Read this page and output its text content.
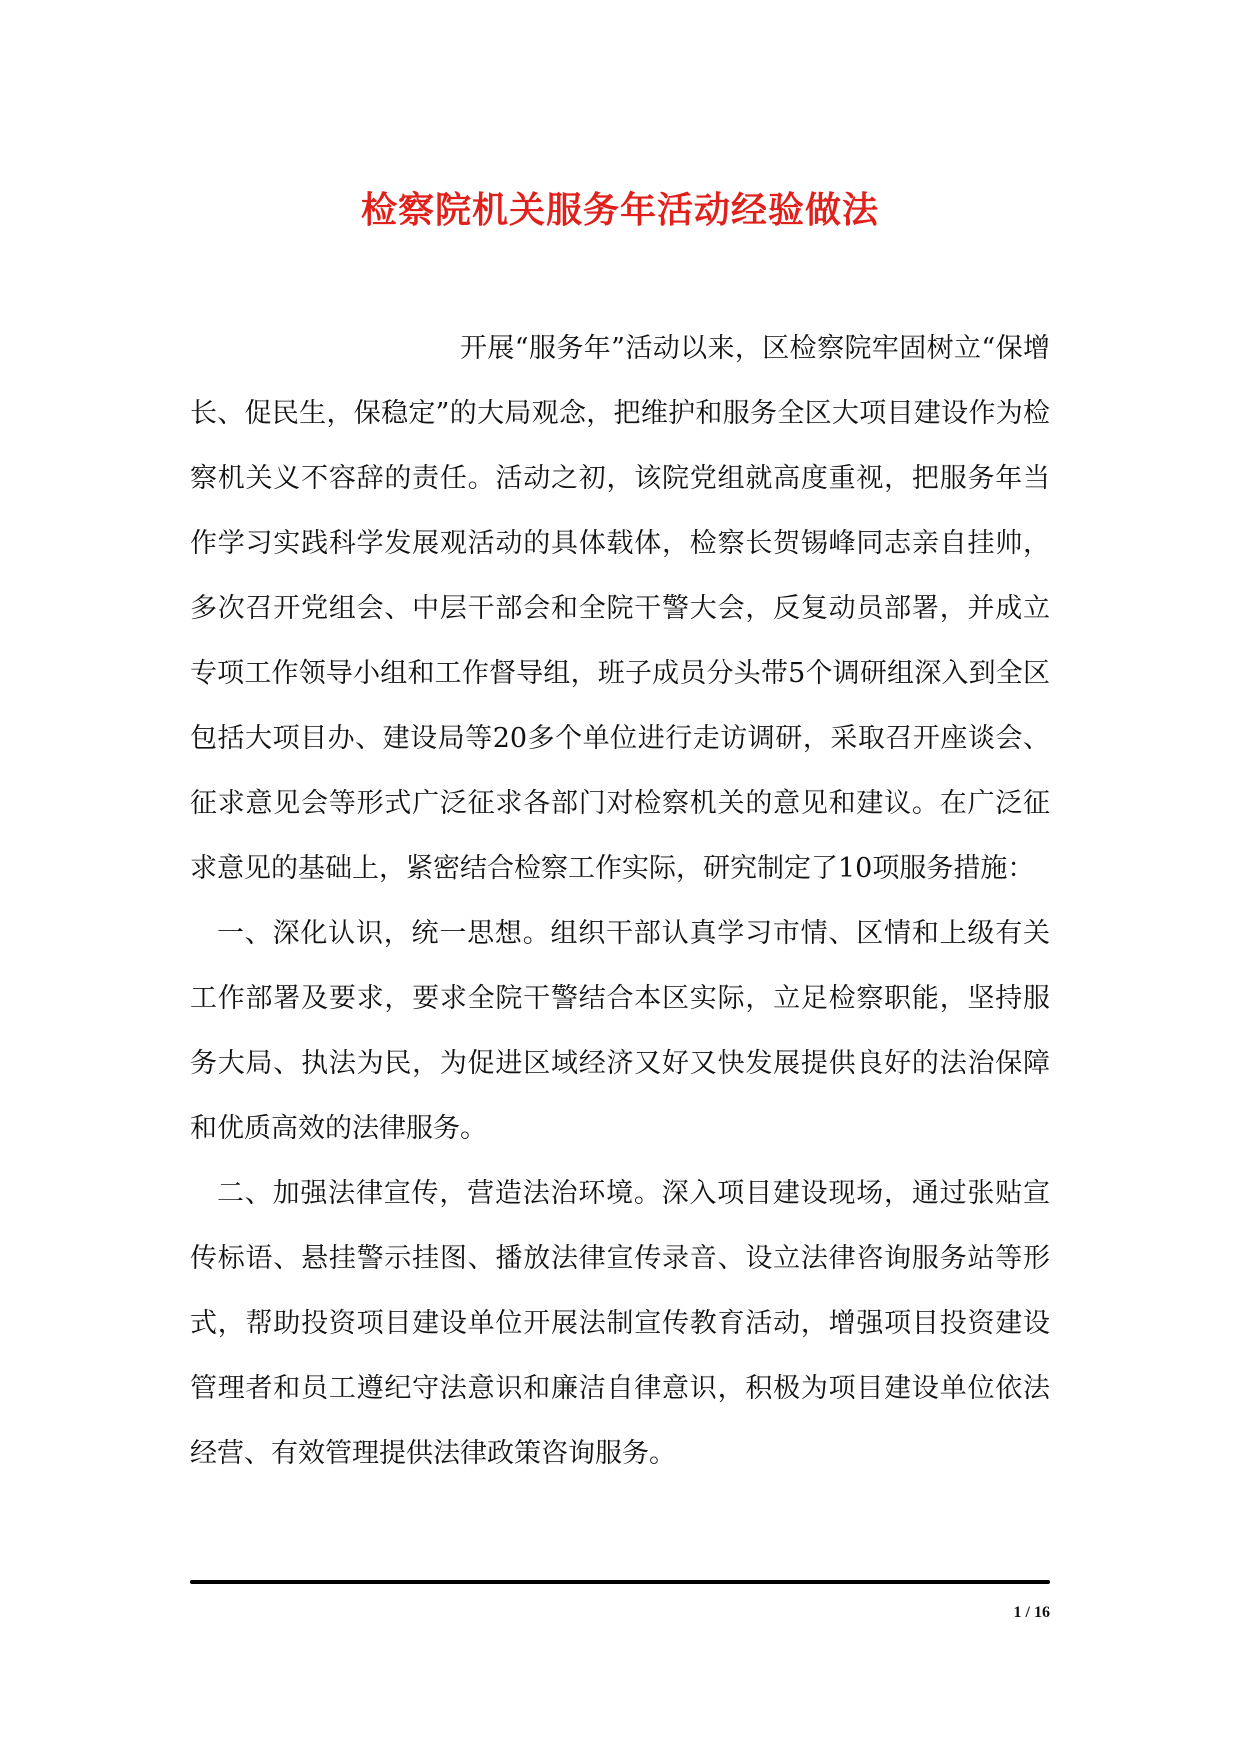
检察院机关服务年活动经验做法

开展“服务年”活动以来，区检察院牢固树立“保增长、促民生，保稳定”的大局观念，把维护和服务全区大项目建设作为检察机关义不容辞的责任。活动之初，该院党组就高度重视，把服务年当作学习实践科学发展观活动的具体载体，检察长贺锡峰同志亲自挂帅，多次召开党组会、中层干部会和全院干警大会，反复动员部署，并成立专项工作领导小组和工作督导组，班子成员分头带5个调研组深入到全区包括大项目办、建设局等20多个单位进行走访调研，采取召开座谈会、征求意见会等形式广泛征求各部门对检察机关的意见和建议。在广泛征求意见的基础上，紧密结合检察工作实际，研究制定了10项服务措施：

一、深化认识，统一思想。组织干部认真学习市情、区情和上级有关工作部署及要求，要求全院干警结合本区实际，立足检察职能，坚持服务大局、执法为民，为促进区域经济又好又快发展提供良好的法治保障和优质高效的法律服务。

二、加强法律宣传，营造法治环境。深入项目建设现场，通过张贴宣传标语、悬挂警示挂图、播放法律宣传录音、设立法律咨询服务站等形式，帮助投资项目建设单位开展法制宣传教育活动，增强项目投资建设管理者和员工遵纪守法意识和廉洁自律意识，积极为项目建设单位依法经营、有效管理提供法律政策咨询服务。

1 / 16
